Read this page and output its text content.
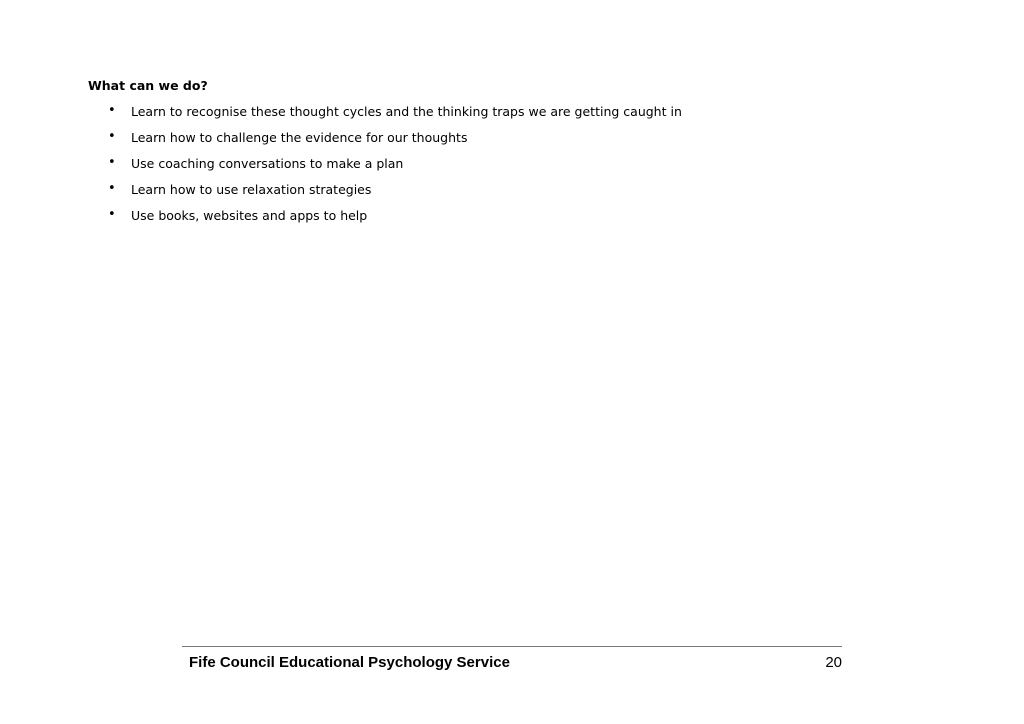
What can we do?
• Learn to recognise these thought cycles and the thinking traps we are getting caught in
• Learn how to challenge the evidence for our thoughts
• Use coaching conversations to make a plan
• Learn how to use relaxation strategies
• Use books, websites and apps to help
Fife Council Educational Psychology Service	20
